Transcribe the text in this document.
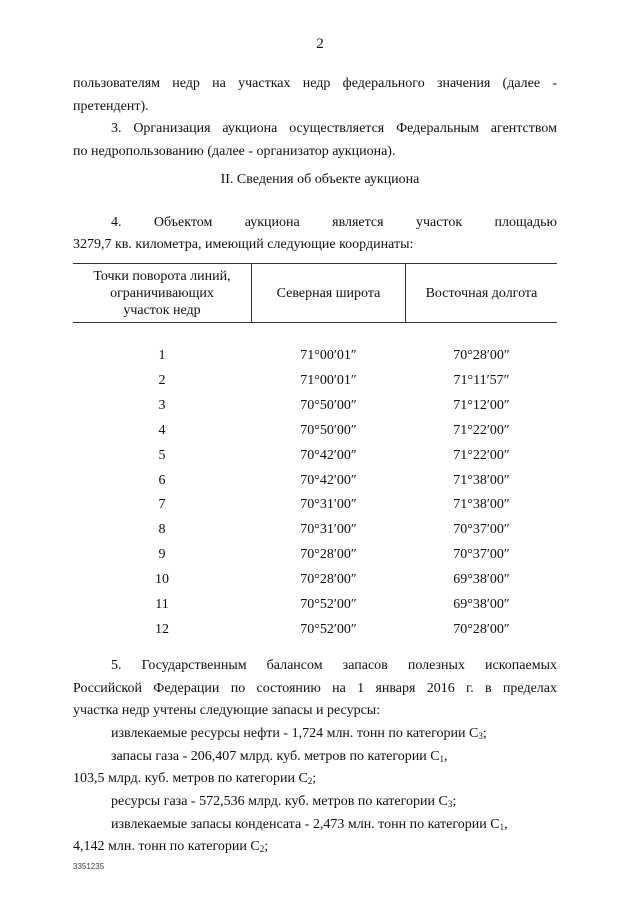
2
пользователям недр на участках недр федерального значения (далее -
претендент).
3. Организация аукциона осуществляется Федеральным агентством
по недропользованию (далее - организатор аукциона).
II. Сведения об объекте аукциона
4. Объектом аукциона является участок площадью
3279,7 кв. километра, имеющий следующие координаты:
Точки поворота линий,
ограничивающих
участок недр
Северная широта	Восточная долгота
1	71°00′01″	70°28′00″
2	71°00′01″	71°11′57″
3	70°50′00″	71°12′00″
4	70°50′00″	71°22′00″
5	70°42′00″	71°22′00″
6	70°42′00″	71°38′00″
7	70°31′00″	71°38′00″
8	70°31′00″	70°37′00″
9	70°28′00″	70°37′00″
10	70°28′00″	69°38′00″
11	70°52′00″	69°38′00″
12	70°52′00″	70°28′00″
5. Государственным балансом запасов полезных ископаемых
Российской Федерации по состоянию на 1 января 2016 г. в пределах
участка недр учтены следующие запасы и ресурсы:
извлекаемые ресурсы нефти - 1,724 млн. тонн по категории $С_3$;
запасы газа - 206,407 млрд. куб. метров по категории $С_1$,
103,5 млрд. куб. метров по категории $С_2$;
ресурсы газа - 572,536 млрд. куб. метров по категории $С_3$;
извлекаемые запасы конденсата - 2,473 млн. тонн по категории $С_1$,
4,142 млн. тонн по категории $С_2$;
3351235
